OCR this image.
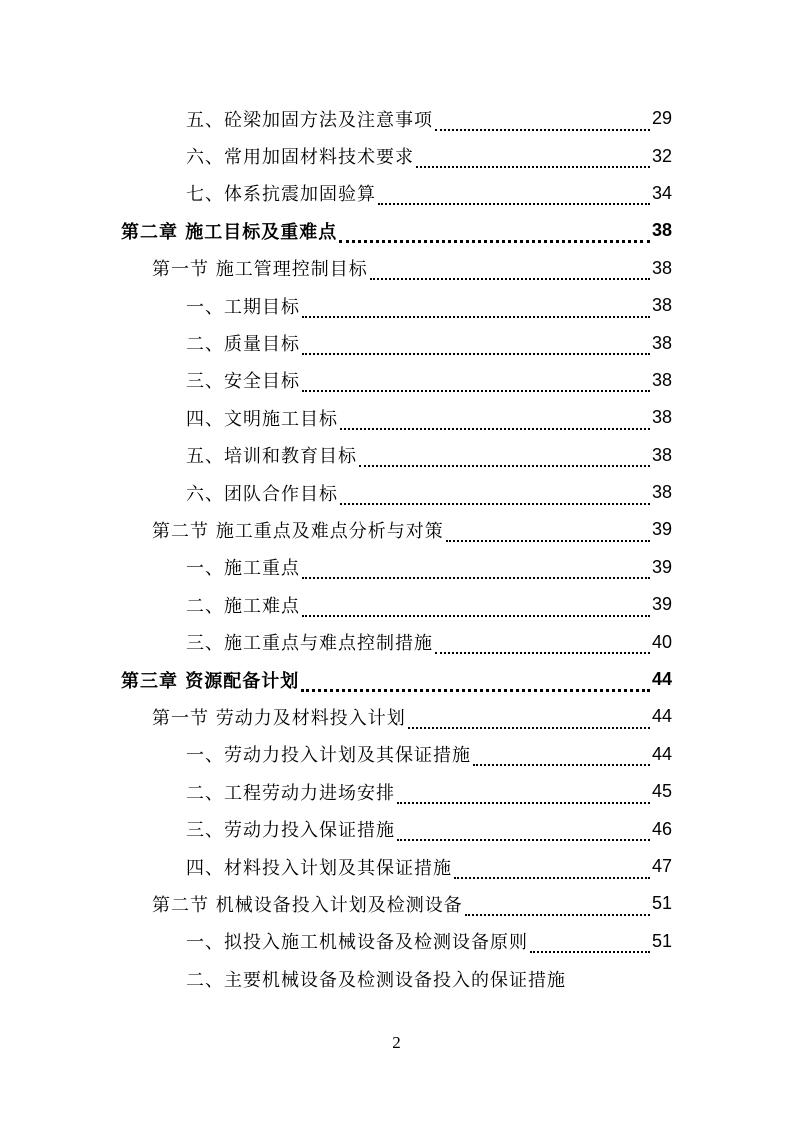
五、砼梁加固方法及注意事项	29
六、常用加固材料技术要求	32
七、体系抗震加固验算	34
第二章 施工目标及重难点	38
第一节 施工管理控制目标	38
一、工期目标	38
二、质量目标	38
三、安全目标	38
四、文明施工目标	38
五、培训和教育目标	38
六、团队合作目标	38
第二节 施工重点及难点分析与对策	39
一、施工重点	39
二、施工难点	39
三、施工重点与难点控制措施	40
第三章 资源配备计划	44
第一节 劳动力及材料投入计划	44
一、劳动力投入计划及其保证措施	44
二、工程劳动力进场安排	45
三、劳动力投入保证措施	46
四、材料投入计划及其保证措施	47
第二节 机械设备投入计划及检测设备	51
一、拟投入施工机械设备及检测设备原则	51
二、主要机械设备及检测设备投入的保证措施
2
